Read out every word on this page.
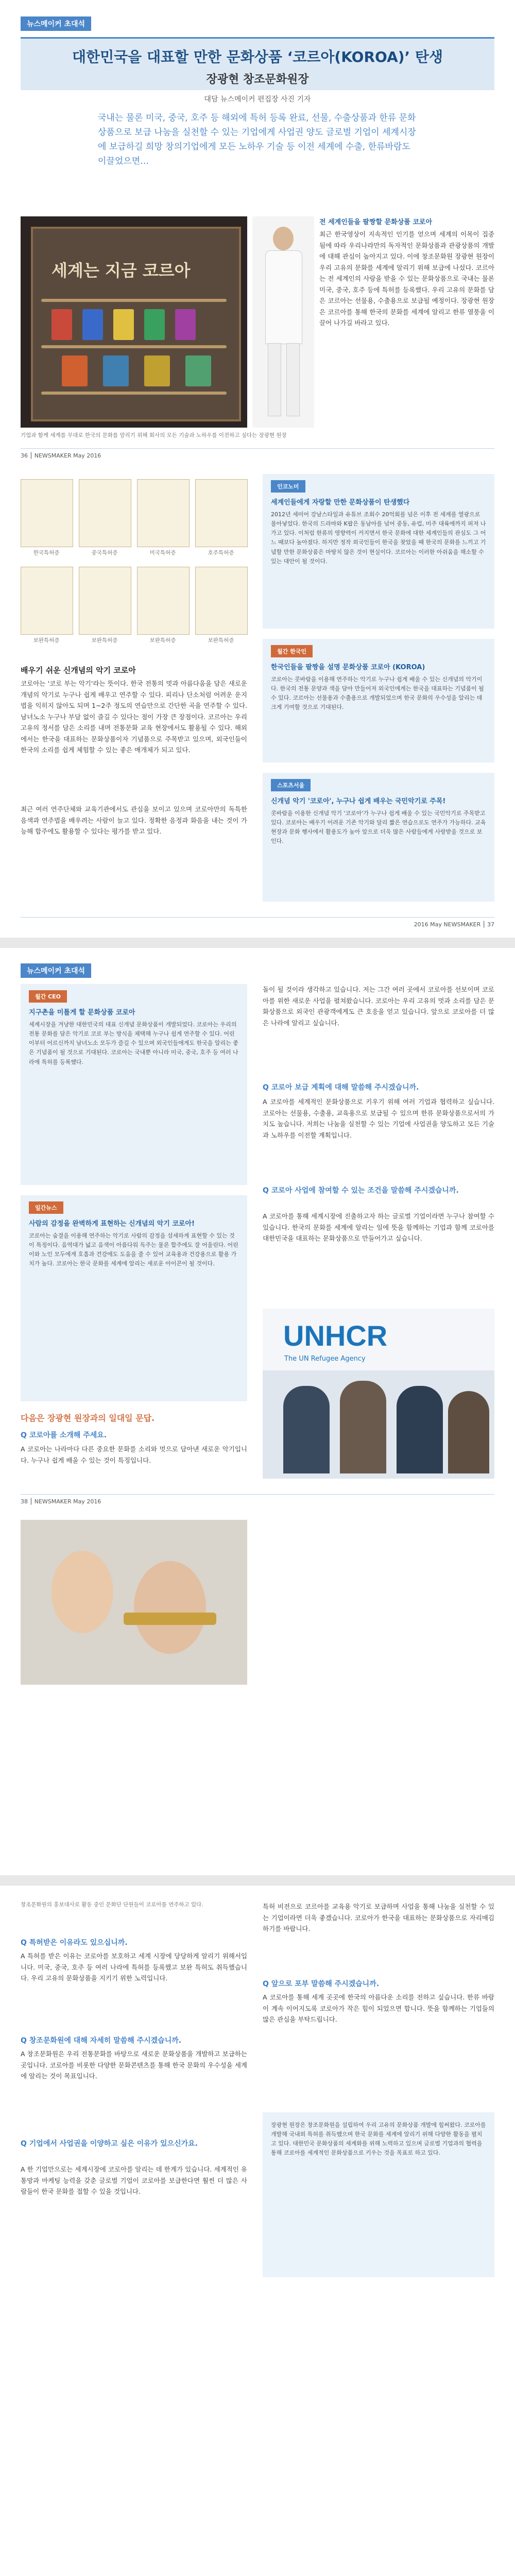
뉴스메이커 초대석
대한민국을 대표할 만한 문화상품 ‘코르아(KOROA)’ 탄생
장광현 창조문화원장
대담 뉴스메이커 편집장 사진 기자
국내는 물론 미국, 중국, 호주 등 해외에 특허 등록 완료, 선물, 수출상품과 한류 문화상품으로 보급 나눔을 실천할 수 있는 기업에게 사업권 양도 글로벌 기업이 세계시장에 보급하길 희망 창의기업에게 모든 노하우 기술 등 이전 세계에 수출, 한류바람도 이끌었으면…
세계는 지금 코르아
기업과 함께 세계를 무대로 한국의 문화를 알리기 위해 회사의 모든 기술과 노하우를 이전하고 싶다는 장광현 원장
전 세계인들을 팔짱할 문화상품 코로아
최근 한국영상이 지속적인 인기를 얻으며 세계의 이목이 집중됨에 따라 우리나라만의 독자적인 문화상품과 관광상품의 개발에 대해 관심이 높아지고 있다. 이에 창조문화원 장광현 원장이 우리 고유의 문화를 세계에 알리기 위해 보급에 나섰다. 코르아는 전 세계인의 사랑을 받을 수 있는 문화상품으로 국내는 물론 미국, 중국, 호주 등에 특허를 등록했다. 우리 고유의 문화를 담은 코르아는 선물용, 수출용으로 보급될 예정이다. 장광현 원장은 코르아를 통해 한국의 문화를 세계에 알리고 한류 열풍을 이끌어 나가길 바라고 있다.
36 ⎮ NEWSMAKER May 2016
한국특허증	중국특허증	미국특허증	호주특허증
보완특허증	보완특허증	보완특허증	보완특허증
배우기 쉬운 신개념의 악기 코로아
코로아는 '코로 부는 악기'라는 뜻이다. 한국 전통의 멋과 아름다움을 담은 새로운 개념의 악기로 누구나 쉽게 배우고 연주할 수 있다. 피리나 단소처럼 어려운 운지법을 익히지 않아도 되며 1~2주 정도의 연습만으로 간단한 곡을 연주할 수 있다. 남녀노소 누구나 부담 없이 즐길 수 있다는 점이 가장 큰 장점이다. 코르아는 우리 고유의 정서를 담은 소리를 내며 전통문화 교육 현장에서도 활용될 수 있다. 해외에서는 한국을 대표하는 문화상품이자 기념품으로 주목받고 있으며, 외국인들이 한국의 소리를 쉽게 체험할 수 있는 좋은 매개체가 되고 있다.
최근 여러 연주단체와 교육기관에서도 관심을 보이고 있으며 코로아만의 독특한 음색과 연주법을 배우려는 사람이 늘고 있다. 정확한 음정과 화음을 내는 것이 가능해 합주에도 활용할 수 있다는 평가를 받고 있다.
인코노미
세계인들에게 자랑할 만한 문화상품이 탄생했다
2012년 세미어 강남스타일과 유튜브 조회수 20억회를 넘은 이후 전 세계를 열광으로 몰아넣었다. 한국의 드라마와 K팝은 동남아를 넘어 중동, 유럽, 미주 대륙에까지 퍼져 나가고 있다. 이처럼 한류의 영향력이 커지면서 한국 문화에 대한 세계인들의 관심도 그 어느 때보다 높아졌다. 하지만 정작 외국인들이 한국을 찾았을 때 한국의 문화를 느끼고 기념할 만한 문화상품은 마땅치 않은 것이 현실이다. 코르아는 이러한 아쉬움을 해소할 수 있는 대안이 될 것이다.
월간 한국인
한국인들을 팔짱을 설명 문화상품 코로아 (KOROA)
코로아는 콧바람을 이용해 연주하는 악기로 누구나 쉽게 배울 수 있는 신개념의 악기이다. 한국의 전통 문양과 색을 담아 만들어져 외국인에게는 한국을 대표하는 기념품이 될 수 있다. 코르아는 선물용과 수출용으로 개발되었으며 한국 문화의 우수성을 알리는 데 크게 기여할 것으로 기대된다.
스포츠서울
신개념 악기 '코로아', 누구나 쉽게 배우는 국민악기로 주목!
콧바람을 이용한 신개념 악기 '코로아'가 누구나 쉽게 배울 수 있는 국민악기로 주목받고 있다. 코로아는 배우기 어려운 기존 악기와 달리 짧은 연습으로도 연주가 가능하다. 교육 현장과 문화 행사에서 활용도가 높아 앞으로 더욱 많은 사람들에게 사랑받을 것으로 보인다.
2016 May NEWSMAKER ⎮ 37
뉴스메이커 초대석
월간 CEO
지구촌을 미톨게 할 문화상품 코로아
세계시장을 겨냥한 대한민국의 대표 신개념 문화상품이 개발되었다. 코로아는 우리의 전통 문화를 담은 악기로 코로 부는 방식을 채택해 누구나 쉽게 연주할 수 있다. 어린이부터 어르신까지 남녀노소 모두가 즐길 수 있으며 외국인들에게도 한국을 알리는 좋은 기념품이 될 것으로 기대된다. 코로아는 국내뿐 아니라 미국, 중국, 호주 등 여러 나라에 특허를 등록했다.
일간뉴스
사람의 감정을 완벽하게 표현하는 신개념의 악기 코로아!
코로아는 숨결을 이용해 연주하는 악기로 사람의 감정을 섬세하게 표현할 수 있는 것이 특징이다. 음역대가 넓고 음색이 아름다워 독주는 물론 합주에도 잘 어울린다. 어린이와 노인 모두에게 호흡과 건강에도 도움을 줄 수 있어 교육용과 건강용으로 활용 가치가 높다. 코로아는 한국 문화를 세계에 알리는 새로운 아이콘이 될 것이다.
돌이 될 것이라 생각하고 있습니다. 저는 그간 여러 곳에서 코로아를 선보이며 코로아를 위한 새로운 사업을 펼쳐왔습니다. 코로아는 우리 고유의 멋과 소리를 담은 문화상품으로 외국인 관광객에게도 큰 호응을 얻고 있습니다. 앞으로 코로아를 더 많은 나라에 알리고 싶습니다.
Q 코로아 보급 계획에 대해 말씀해 주시겠습니까.
A 코로아를 세계적인 문화상품으로 키우기 위해 여러 기업과 협력하고 싶습니다. 코로아는 선물용, 수출용, 교육용으로 보급될 수 있으며 한류 문화상품으로서의 가치도 높습니다. 저희는 나눔을 실천할 수 있는 기업에 사업권을 양도하고 모든 기술과 노하우를 이전할 계획입니다.
Q 코로아 사업에 참여할 수 있는 조건을 말씀해 주시겠습니까.
A 코로아를 통해 세계시장에 진출하고자 하는 글로벌 기업이라면 누구나 참여할 수 있습니다. 한국의 문화를 세계에 알리는 일에 뜻을 함께하는 기업과 함께 코로아를 대한민국을 대표하는 문화상품으로 만들어가고 싶습니다.
UNHCR
The UN Refugee Agency
다음은 장광현 원장과의 일대일 문답.
Q 코로아를 소개해 주세요.
A 코로아는 나라마다 다른 중요한 문화를 소리와 멋으로 담아낸 새로운 악기입니다. 누구나 쉽게 배울 수 있는 것이 특징입니다.
38 ⎮ NEWSMAKER May 2016
창조문화원의 홍보대사로 활동 중인 문화단 단원들이 코로아를 연주하고 있다.
Q 특허받은 이유라도 있으십니까.
A 특허를 받은 이유는 코로아를 보호하고 세계 시장에 당당하게 알리기 위해서입니다. 미국, 중국, 호주 등 여러 나라에 특허를 등록했고 보완 특허도 취득했습니다. 우리 고유의 문화상품을 지키기 위한 노력입니다.
Q 창조문화원에 대해 자세히 말씀해 주시겠습니까.
A 창조문화원은 우리 전통문화를 바탕으로 새로운 문화상품을 개발하고 보급하는 곳입니다. 코로아를 비롯한 다양한 문화콘텐츠를 통해 한국 문화의 우수성을 세계에 알리는 것이 목표입니다.
Q 기업에서 사업권을 이양하고 싶은 이유가 있으신가요.
A 한 기업만으로는 세계시장에 코로아를 알리는 데 한계가 있습니다. 세계적인 유통망과 마케팅 능력을 갖춘 글로벌 기업이 코로아를 보급한다면 훨씬 더 많은 사람들이 한국 문화를 접할 수 있을 것입니다.
특허 비전으로 코르아를 교육용 악기로 보급하며 사업을 통해 나눔을 실천할 수 있는 기업이라면 더욱 좋겠습니다. 코로아가 한국을 대표하는 문화상품으로 자리매김하기를 바랍니다.
Q 앞으로 포부 말씀해 주시겠습니까.
A 코로아를 통해 세계 곳곳에 한국의 아름다운 소리를 전하고 싶습니다. 한류 바람이 계속 이어지도록 코로아가 작은 힘이 되었으면 합니다. 뜻을 함께하는 기업들의 많은 관심을 부탁드립니다.
장광현 원장은 창조문화원을 설립하여 우리 고유의 문화상품 개발에 힘써왔다. 코로아를 개발해 국내외 특허를 취득했으며 한국 문화를 세계에 알리기 위해 다양한 활동을 펼치고 있다. 대한민국 문화상품의 세계화를 위해 노력하고 있으며 글로벌 기업과의 협력을 통해 코로아를 세계적인 문화상품으로 키우는 것을 목표로 하고 있다.
